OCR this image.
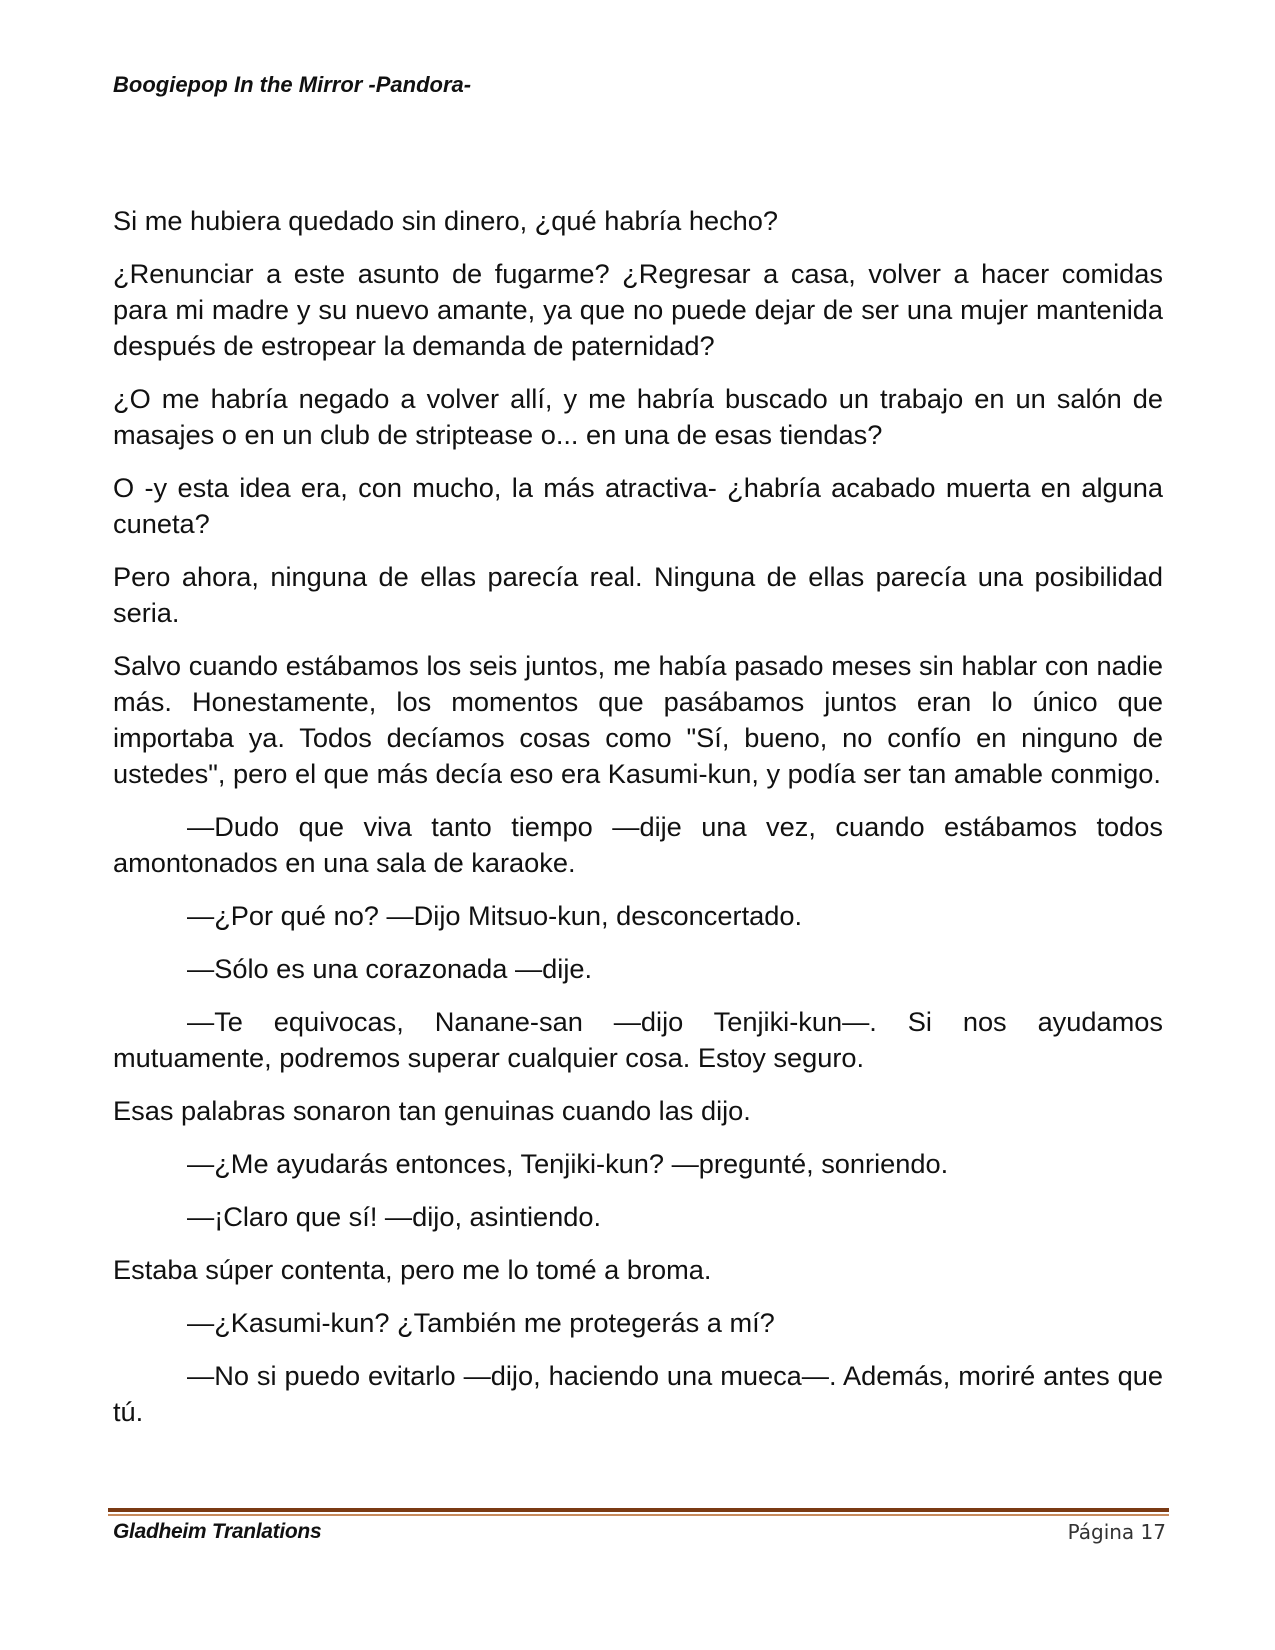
Boogiepop In the Mirror -Pandora-

Si me hubiera quedado sin dinero, ¿qué habría hecho?

¿Renunciar a este asunto de fugarme? ¿Regresar a casa, volver a hacer comidas para mi madre y su nuevo amante, ya que no puede dejar de ser una mujer mantenida después de estropear la demanda de paternidad?

¿O me habría negado a volver allí, y me habría buscado un trabajo en un salón de masajes o en un club de striptease o... en una de esas tiendas?

O -y esta idea era, con mucho, la más atractiva- ¿habría acabado muerta en alguna cuneta?

Pero ahora, ninguna de ellas parecía real. Ninguna de ellas parecía una posibilidad seria.

Salvo cuando estábamos los seis juntos, me había pasado meses sin hablar con nadie más. Honestamente, los momentos que pasábamos juntos eran lo único que importaba ya. Todos decíamos cosas como "Sí, bueno, no confío en ninguno de ustedes", pero el que más decía eso era Kasumi-kun, y podía ser tan amable conmigo.

—Dudo que viva tanto tiempo —dije una vez, cuando estábamos todos amontonados en una sala de karaoke.

—¿Por qué no? —Dijo Mitsuo-kun, desconcertado.

—Sólo es una corazonada —dije.

—Te equivocas, Nanane-san —dijo Tenjiki-kun—. Si nos ayudamos mutuamente, podremos superar cualquier cosa. Estoy seguro.

Esas palabras sonaron tan genuinas cuando las dijo.

—¿Me ayudarás entonces, Tenjiki-kun? —pregunté, sonriendo.

—¡Claro que sí! —dijo, asintiendo.

Estaba súper contenta, pero me lo tomé a broma.

—¿Kasumi-kun? ¿También me protegerás a mí?

—No si puedo evitarlo —dijo, haciendo una mueca—. Además, moriré antes que tú.

Gladheim Tranlations	Página 17
